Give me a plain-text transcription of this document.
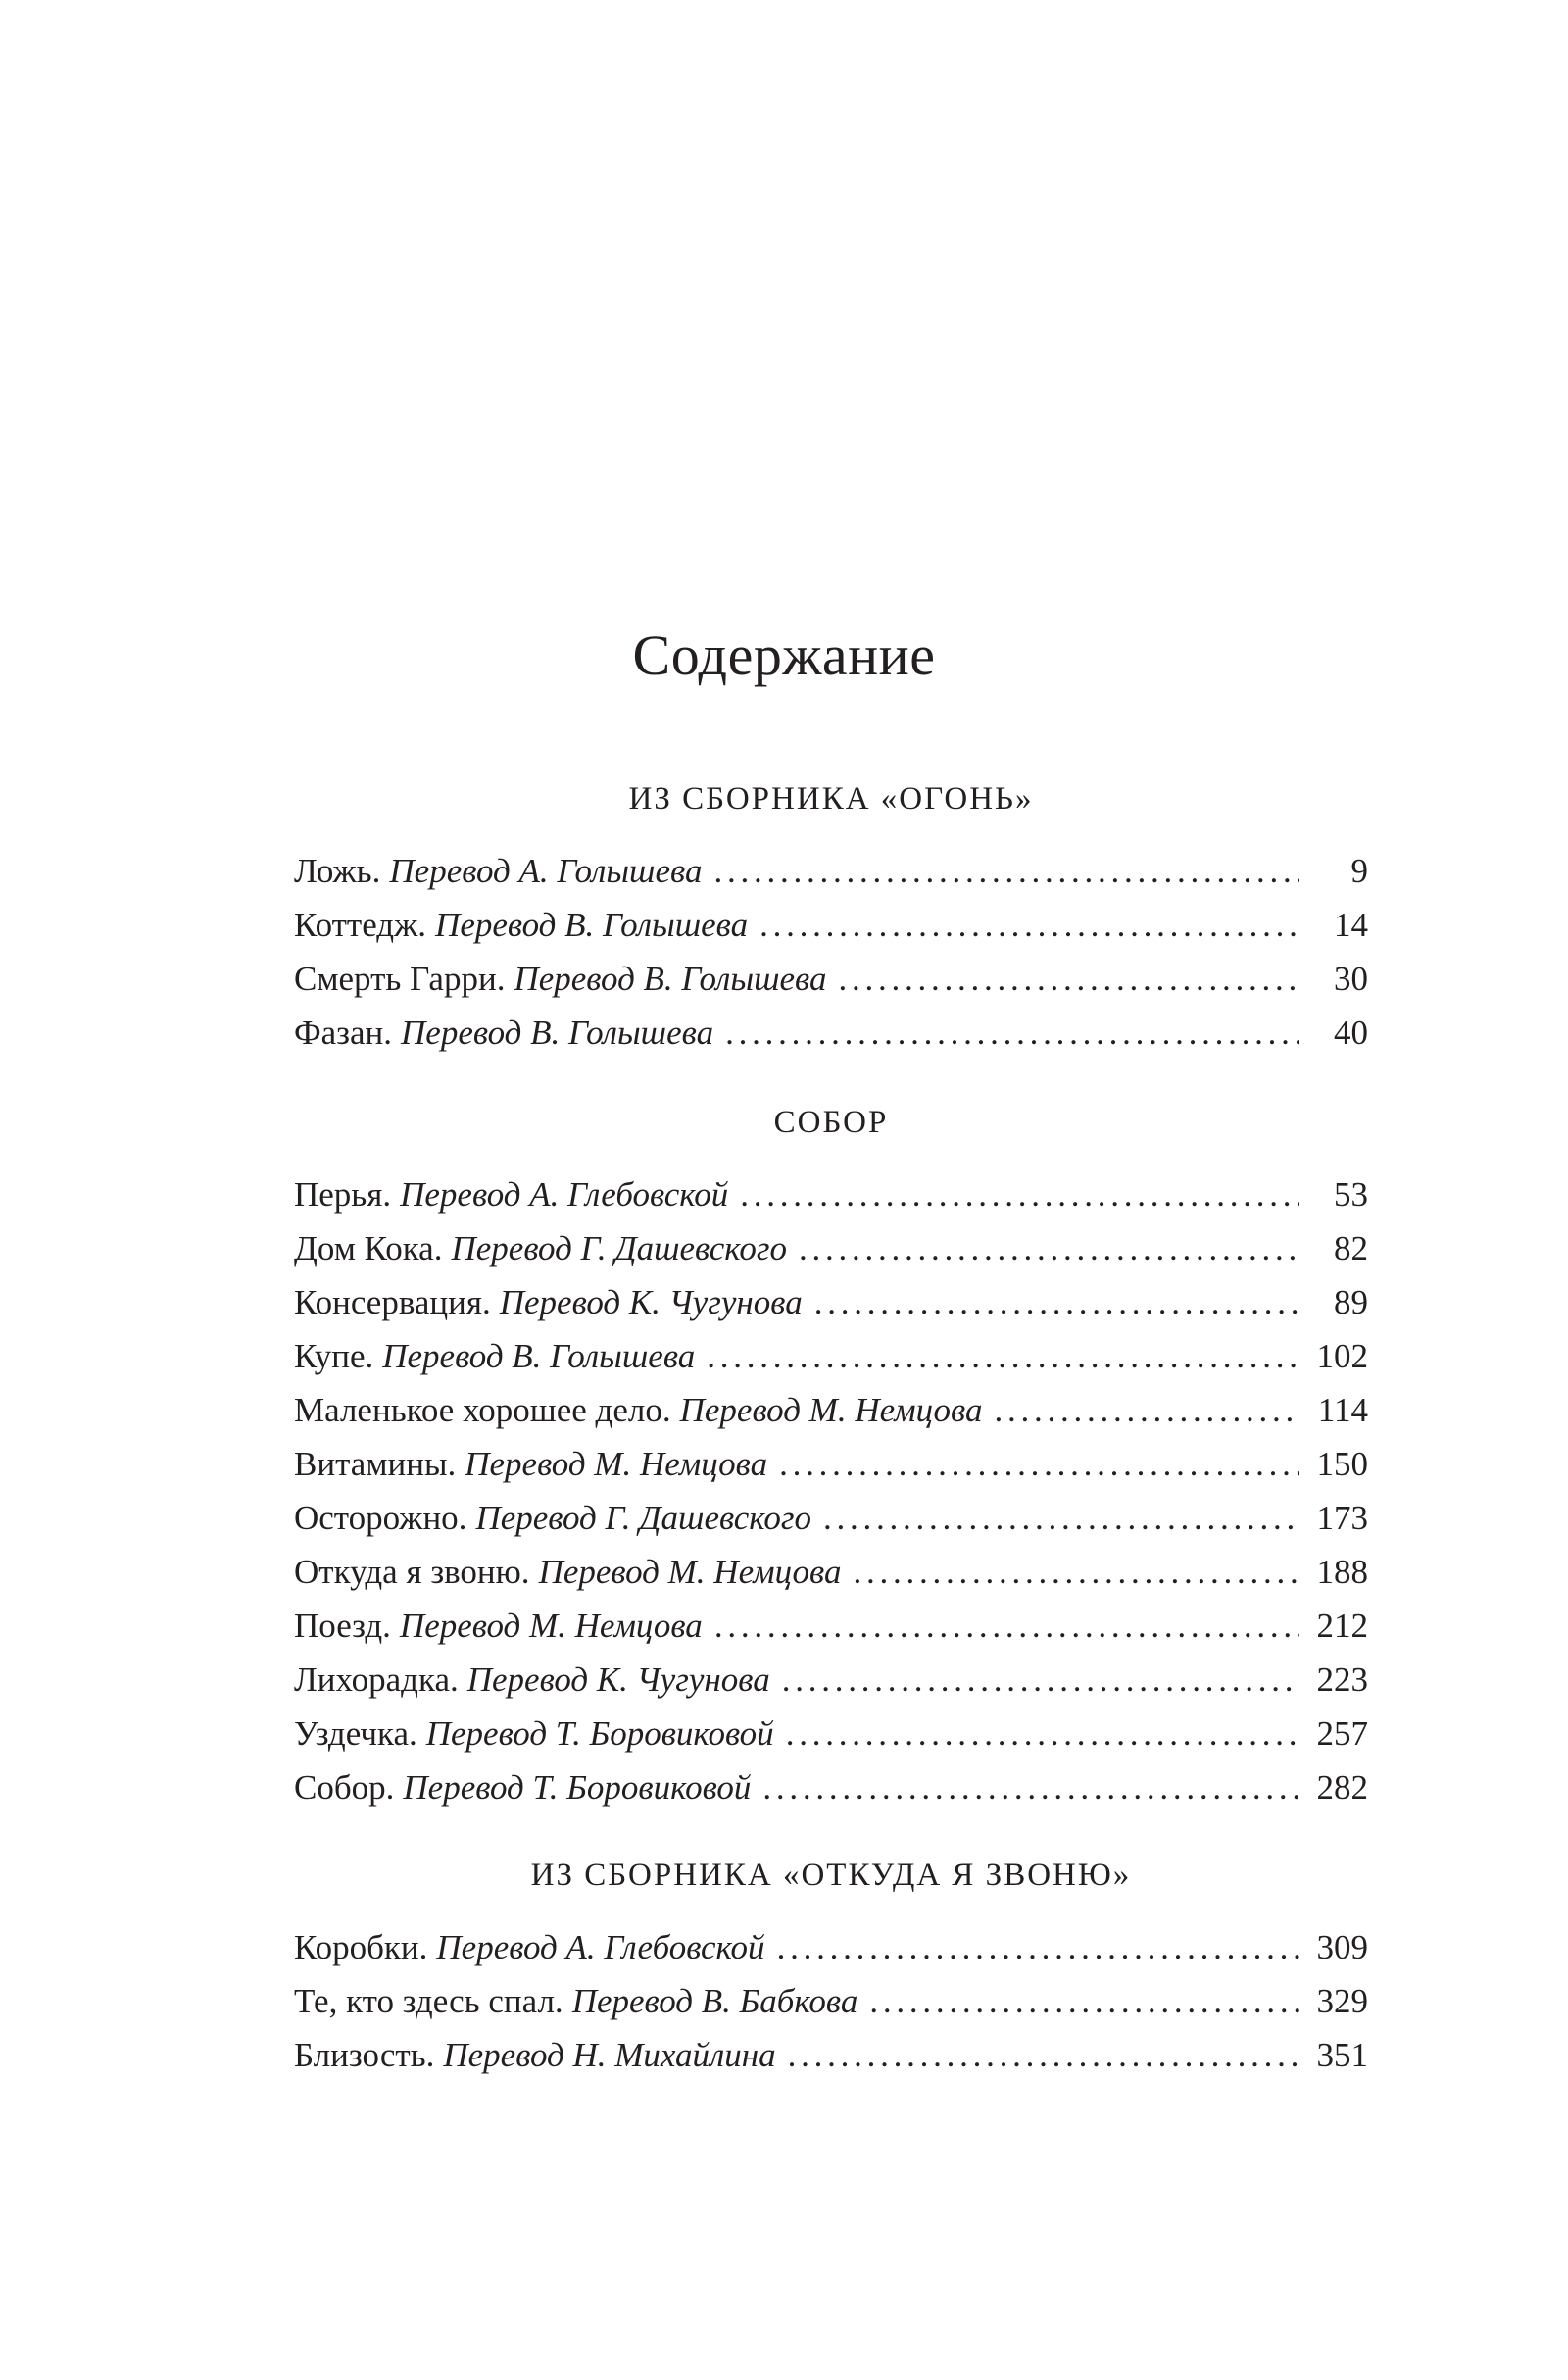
Содержание
ИЗ СБОРНИКА «ОГОНЬ»
Ложь. Перевод А. Голышева . . .	9
Коттедж. Перевод В. Голышева . . .	14
Смерть Гарри. Перевод В. Голышева . . .	30
Фазан. Перевод В. Голышева . . .	40
СОБОР
Перья. Перевод А. Глебовской . . .	53
Дом Кока. Перевод Г. Дашевского . . .	82
Консервация. Перевод К. Чугунова . . .	89
Купе. Перевод В. Голышева . . .	102
Маленькое хорошее дело. Перевод М. Немцова . . .	114
Витамины. Перевод М. Немцова . . .	150
Осторожно. Перевод Г. Дашевского . . .	173
Откуда я звоню. Перевод М. Немцова . . .	188
Поезд. Перевод М. Немцова . . .	212
Лихорадка. Перевод К. Чугунова . . .	223
Уздечка. Перевод Т. Боровиковой . . .	257
Собор. Перевод Т. Боровиковой . . .	282
ИЗ СБОРНИКА «ОТКУДА Я ЗВОНЮ»
Коробки. Перевод А. Глебовской . . .	309
Те, кто здесь спал. Перевод В. Бабкова . . .	329
Близость. Перевод Н. Михайлина . . .	351
